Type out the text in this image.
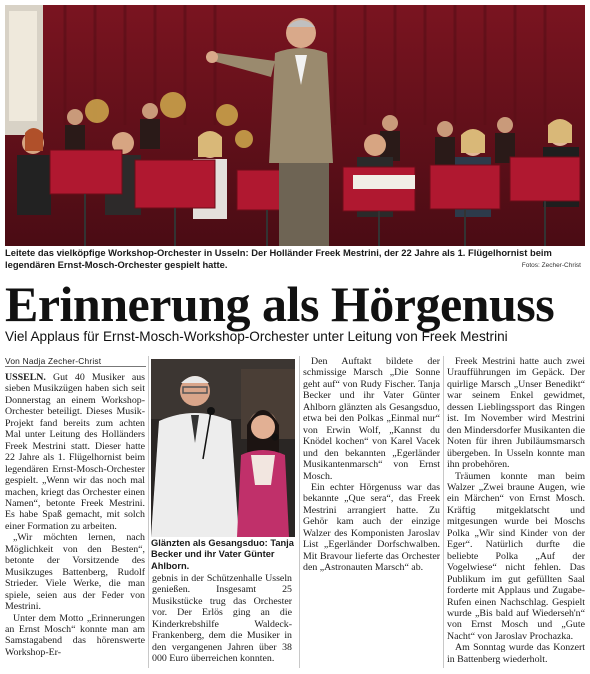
Leitete das vielköpfige Workshop-Orchester in Usseln: Der Holländer Freek Mestrini, der 22 Jahre als 1. Flügelhornist beim legendären Ernst-Mosch-Orchester gespielt hatte.	Fotos: Zecher-Christ
Erinnerung als Hörgenuss
Viel Applaus für Ernst-Mosch-Workshop-Orchester unter Leitung von Freek Mestrini
Von Nadja Zecher-Christ

USSELN. Gut 40 Musiker aus sieben Musikzügen haben sich seit Donnerstag an einem Workshop-Orchester beteiligt. Dieses Musik-Projekt fand bereits zum achten Mal unter Leitung des Holländers Freek Mestrini statt. Dieser hatte 22 Jahre als 1. Flügelhornist beim legendären Ernst-Mosch-Orchester gespielt. „Wenn wir das noch mal machen, kriegt das Orchester einen Namen“, betonte Freek Mestrini. Es habe Spaß gemacht, mit solch einer Formation zu arbeiten.

„Wir möchten lernen, nach Möglichkeit von den Besten“, betonte der Vorsitzende des Musikzuges Battenberg, Rudolf Strieder. Viele Werke, die man spiele, seien aus der Feder von Mestrini.

Unter dem Motto „Erinnerungen an Ernst Mosch“ konnte man am Samstagabend das hörenswerte Workshop-Er-

Glänzten als Gesangsduo: Tanja Becker und ihr Vater Günter Ahlborn.

gebnis in der Schützenhalle Usseln genießen. Insgesamt 25 Musikstücke trug das Orchester vor. Der Erlös ging an die Kinderkrebshilfe Waldeck-Frankenberg, dem die Musiker in den vergangenen Jahren über 38 000 Euro überreichen konnten.

Den Auftakt bildete der schmissige Marsch „Die Sonne geht auf“ von Rudy Fischer. Tanja Becker und ihr Vater Günter Ahlborn glänzten als Gesangsduo, etwa bei den Polkas „Einmal nur“ von Erwin Wolf, „Kannst du Knödel kochen“ von Karel Vacek und den bekannten „Egerländer Musikantenmarsch“ von Ernst Mosch.

Ein echter Hörgenuss war das bekannte „Que sera“, das Freek Mestrini arrangiert hatte. Zu Gehör kam auch der einzige Walzer des Komponisten Jaroslav List „Egerländer Dorfschwalben. Mit Bravour lieferte das Orchester den „Astronauten Marsch“ ab.

Freek Mestrini hatte auch zwei Uraufführungen im Gepäck. Der quirlige Marsch „Unser Benedikt“ war seinem Enkel gewidmet, dessen Lieblingssport das Ringen ist. Im November wird Mestrini den Mindersdorfer Musikanten die Noten für ihren Jubiläumsmarsch übergeben. In Usseln konnte man ihn probehören.

Träumen konnte man beim Walzer „Zwei braune Augen, wie ein Märchen“ von Ernst Mosch. Kräftig mitgeklatscht und mitgesungen wurde bei Moschs Polka „Wir sind Kinder von der Eger“. Natürlich durfte die beliebte Polka „Auf der Vogelwiese“ nicht fehlen. Das Publikum im gut gefüllten Saal forderte mit Applaus und Zugabe-Rufen einen Nachschlag. Gespielt wurde „Bis bald auf Wiederseh'n“ von Ernst Mosch und „Gute Nacht“ von Jaroslav Prochazka.

Am Sonntag wurde das Konzert in Battenberg wiederholt.
